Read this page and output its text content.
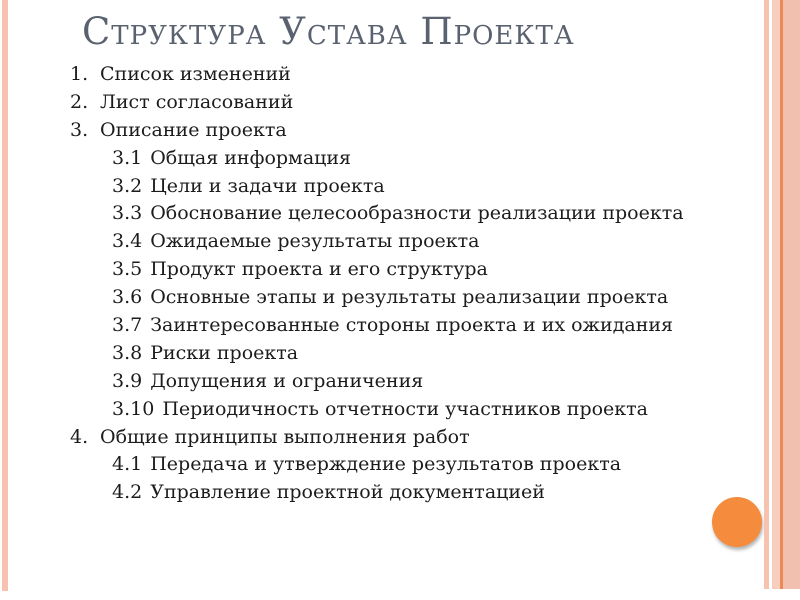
Структура Устава Проекта
1. Список изменений
2. Лист согласований
3. Описание проекта
3.1 Общая информация
3.2 Цели и задачи проекта
3.3 Обоснование целесообразности реализации проекта
3.4 Ожидаемые результаты проекта
3.5 Продукт проекта и его структура
3.6 Основные этапы и результаты реализации проекта
3.7 Заинтересованные стороны проекта и их ожидания
3.8 Риски проекта
3.9 Допущения и ограничения
3.10 Периодичность отчетности участников проекта
4. Общие принципы выполнения работ
4.1 Передача и утверждение результатов проекта
4.2 Управление проектной документацией
